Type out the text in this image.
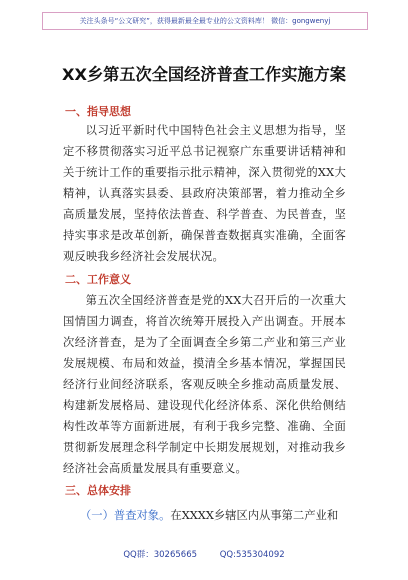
关注头条号“公文研究”，获得最新最全最专业的公文资料库！ 微信：gongwenyj
XX乡第五次全国经济普查工作实施方案
一、指导思想
以习近平新时代中国特色社会主义思想为指导，坚定不移贯彻落实习近平总书记视察广东重要讲话精神和关于统计工作的重要指示批示精神，深入贯彻党的XX大精神，认真落实县委、县政府决策部署，着力推动全乡高质量发展，坚持依法普查、科学普查、为民普查，坚持实事求是改革创新，确保普查数据真实准确，全面客观反映我乡经济社会发展状况。
二、工作意义
第五次全国经济普查是党的XX大召开后的一次重大国情国力调查，将首次统筹开展投入产出调查。开展本次经济普查，是为了全面调查全乡第二产业和第三产业发展规模、布局和效益，摸清全乡基本情况，掌握国民经济行业间经济联系，客观反映全乡推动高质量发展、构建新发展格局、建设现代化经济体系、深化供给侧结构性改革等方面新进展，有利于我乡完整、准确、全面贯彻新发展理念科学制定中长期发展规划，对推动我乡经济社会高质量发展具有重要意义。
三、总体安排
（一）普查对象。在XXXX乡辖区内从事第二产业和
QQ群：30265665	QQ:535304092
